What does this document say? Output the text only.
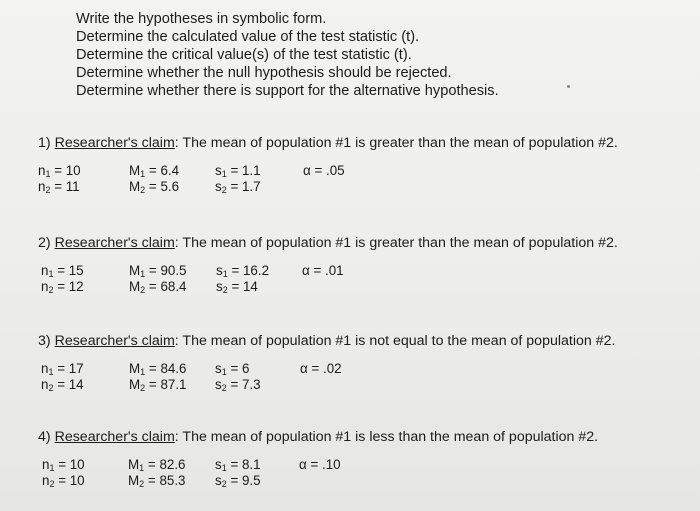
Write the hypotheses in symbolic form.
Determine the calculated value of the test statistic (t).
Determine the critical value(s) of the test statistic (t).
Determine whether the null hypothesis should be rejected.
Determine whether there is support for the alternative hypothesis.
1) Researcher's claim: The mean of population #1 is greater than the mean of population #2.
$n_1 = 10$
$n_2 = 11$
$M_1 = 6.4$
$M_2 = 5.6$
$s_1 = 1.1$
$s_2 = 1.7$
α = .05
2) Researcher's claim: The mean of population #1 is greater than the mean of population #2.
$n_1 = 15$
$n_2 = 12$
$M_1 = 90.5$
$M_2 = 68.4$
$s_1 = 16.2$
$s_2 = 14$
α = .01
3) Researcher's claim: The mean of population #1 is not equal to the mean of population #2.
$n_1 = 17$
$n_2 = 14$
$M_1 = 84.6$
$M_2 = 87.1$
$s_1 = 6$
$s_2 = 7.3$
α = .02
4) Researcher's claim: The mean of population #1 is less than the mean of population #2.
$n_1 = 10$
$n_2 = 10$
$M_1 = 82.6$
$M_2 = 85.3$
$s_1 = 8.1$
$s_2 = 9.5$
α = .10
